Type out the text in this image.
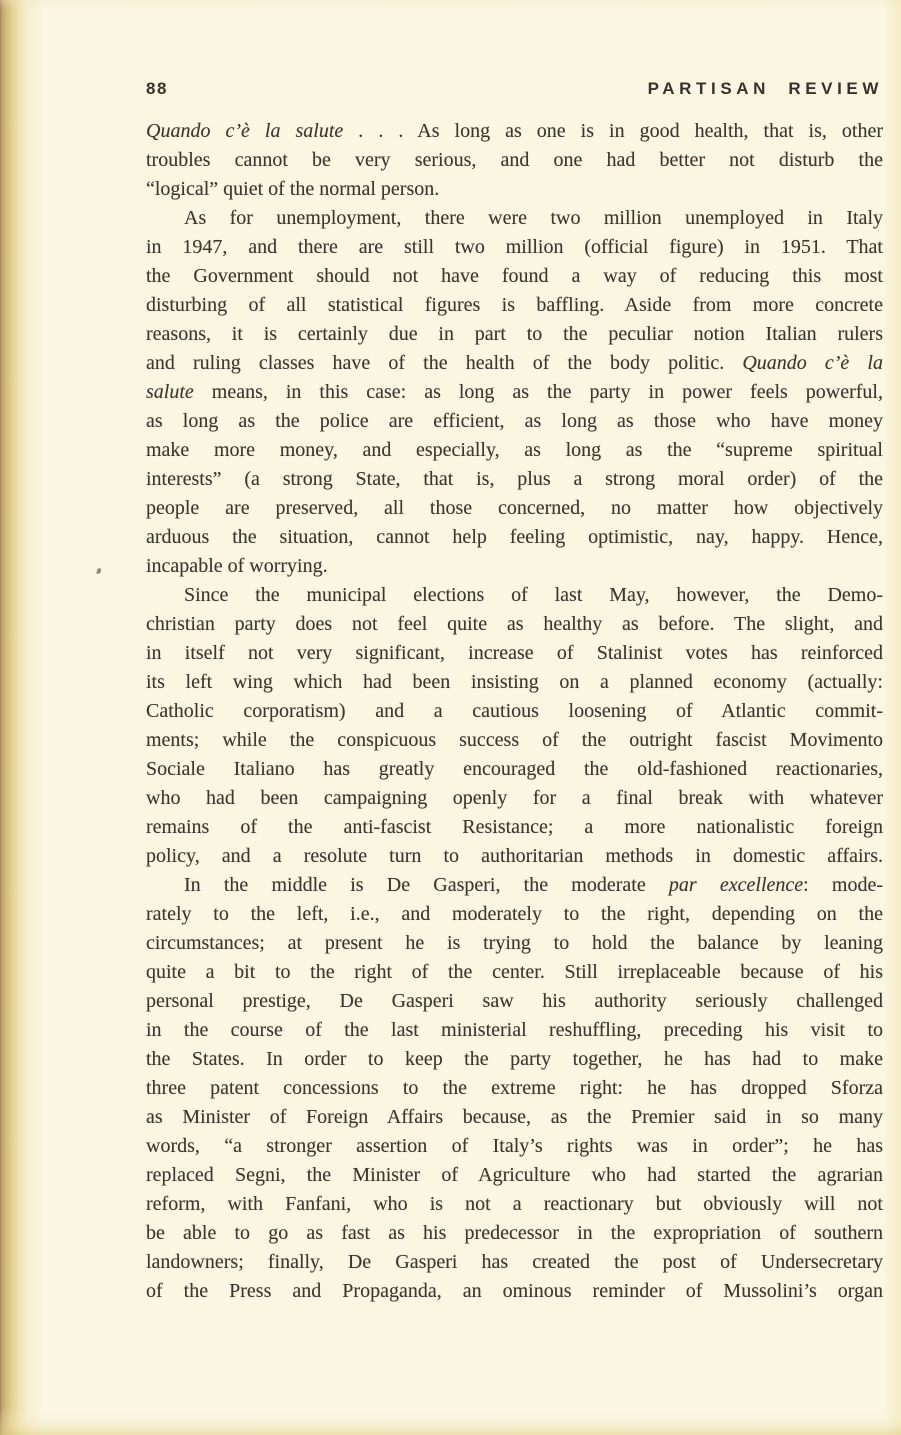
88	PARTISAN REVIEW
Quando c’è la salute . . . As long as one is in good health, that is, other
troubles cannot be very serious, and one had better not disturb the
“logical” quiet of the normal person.
As for unemployment, there were two million unemployed in Italy
in 1947, and there are still two million (official figure) in 1951. That
the Government should not have found a way of reducing this most
disturbing of all statistical figures is baffling. Aside from more concrete
reasons, it is certainly due in part to the peculiar notion Italian rulers
and ruling classes have of the health of the body politic. Quando c’è la
salute means, in this case: as long as the party in power feels powerful,
as long as the police are efficient, as long as those who have money
make more money, and especially, as long as the “supreme spiritual
interests” (a strong State, that is, plus a strong moral order) of the
people are preserved, all those concerned, no matter how objectively
arduous the situation, cannot help feeling optimistic, nay, happy. Hence,
incapable of worrying.
Since the municipal elections of last May, however, the Demo-
christian party does not feel quite as healthy as before. The slight, and
in itself not very significant, increase of Stalinist votes has reinforced
its left wing which had been insisting on a planned economy (actually:
Catholic corporatism) and a cautious loosening of Atlantic commit-
ments; while the conspicuous success of the outright fascist Movimento
Sociale Italiano has greatly encouraged the old-fashioned reactionaries,
who had been campaigning openly for a final break with whatever
remains of the anti-fascist Resistance; a more nationalistic foreign
policy, and a resolute turn to authoritarian methods in domestic affairs.
In the middle is De Gasperi, the moderate par excellence: mode-
rately to the left, i.e., and moderately to the right, depending on the
circumstances; at present he is trying to hold the balance by leaning
quite a bit to the right of the center. Still irreplaceable because of his
personal prestige, De Gasperi saw his authority seriously challenged
in the course of the last ministerial reshuffling, preceding his visit to
the States. In order to keep the party together, he has had to make
three patent concessions to the extreme right: he has dropped Sforza
as Minister of Foreign Affairs because, as the Premier said in so many
words, “a stronger assertion of Italy’s rights was in order”; he has
replaced Segni, the Minister of Agriculture who had started the agrarian
reform, with Fanfani, who is not a reactionary but obviously will not
be able to go as fast as his predecessor in the expropriation of southern
landowners; finally, De Gasperi has created the post of Undersecretary
of the Press and Propaganda, an ominous reminder of Mussolini’s organ
